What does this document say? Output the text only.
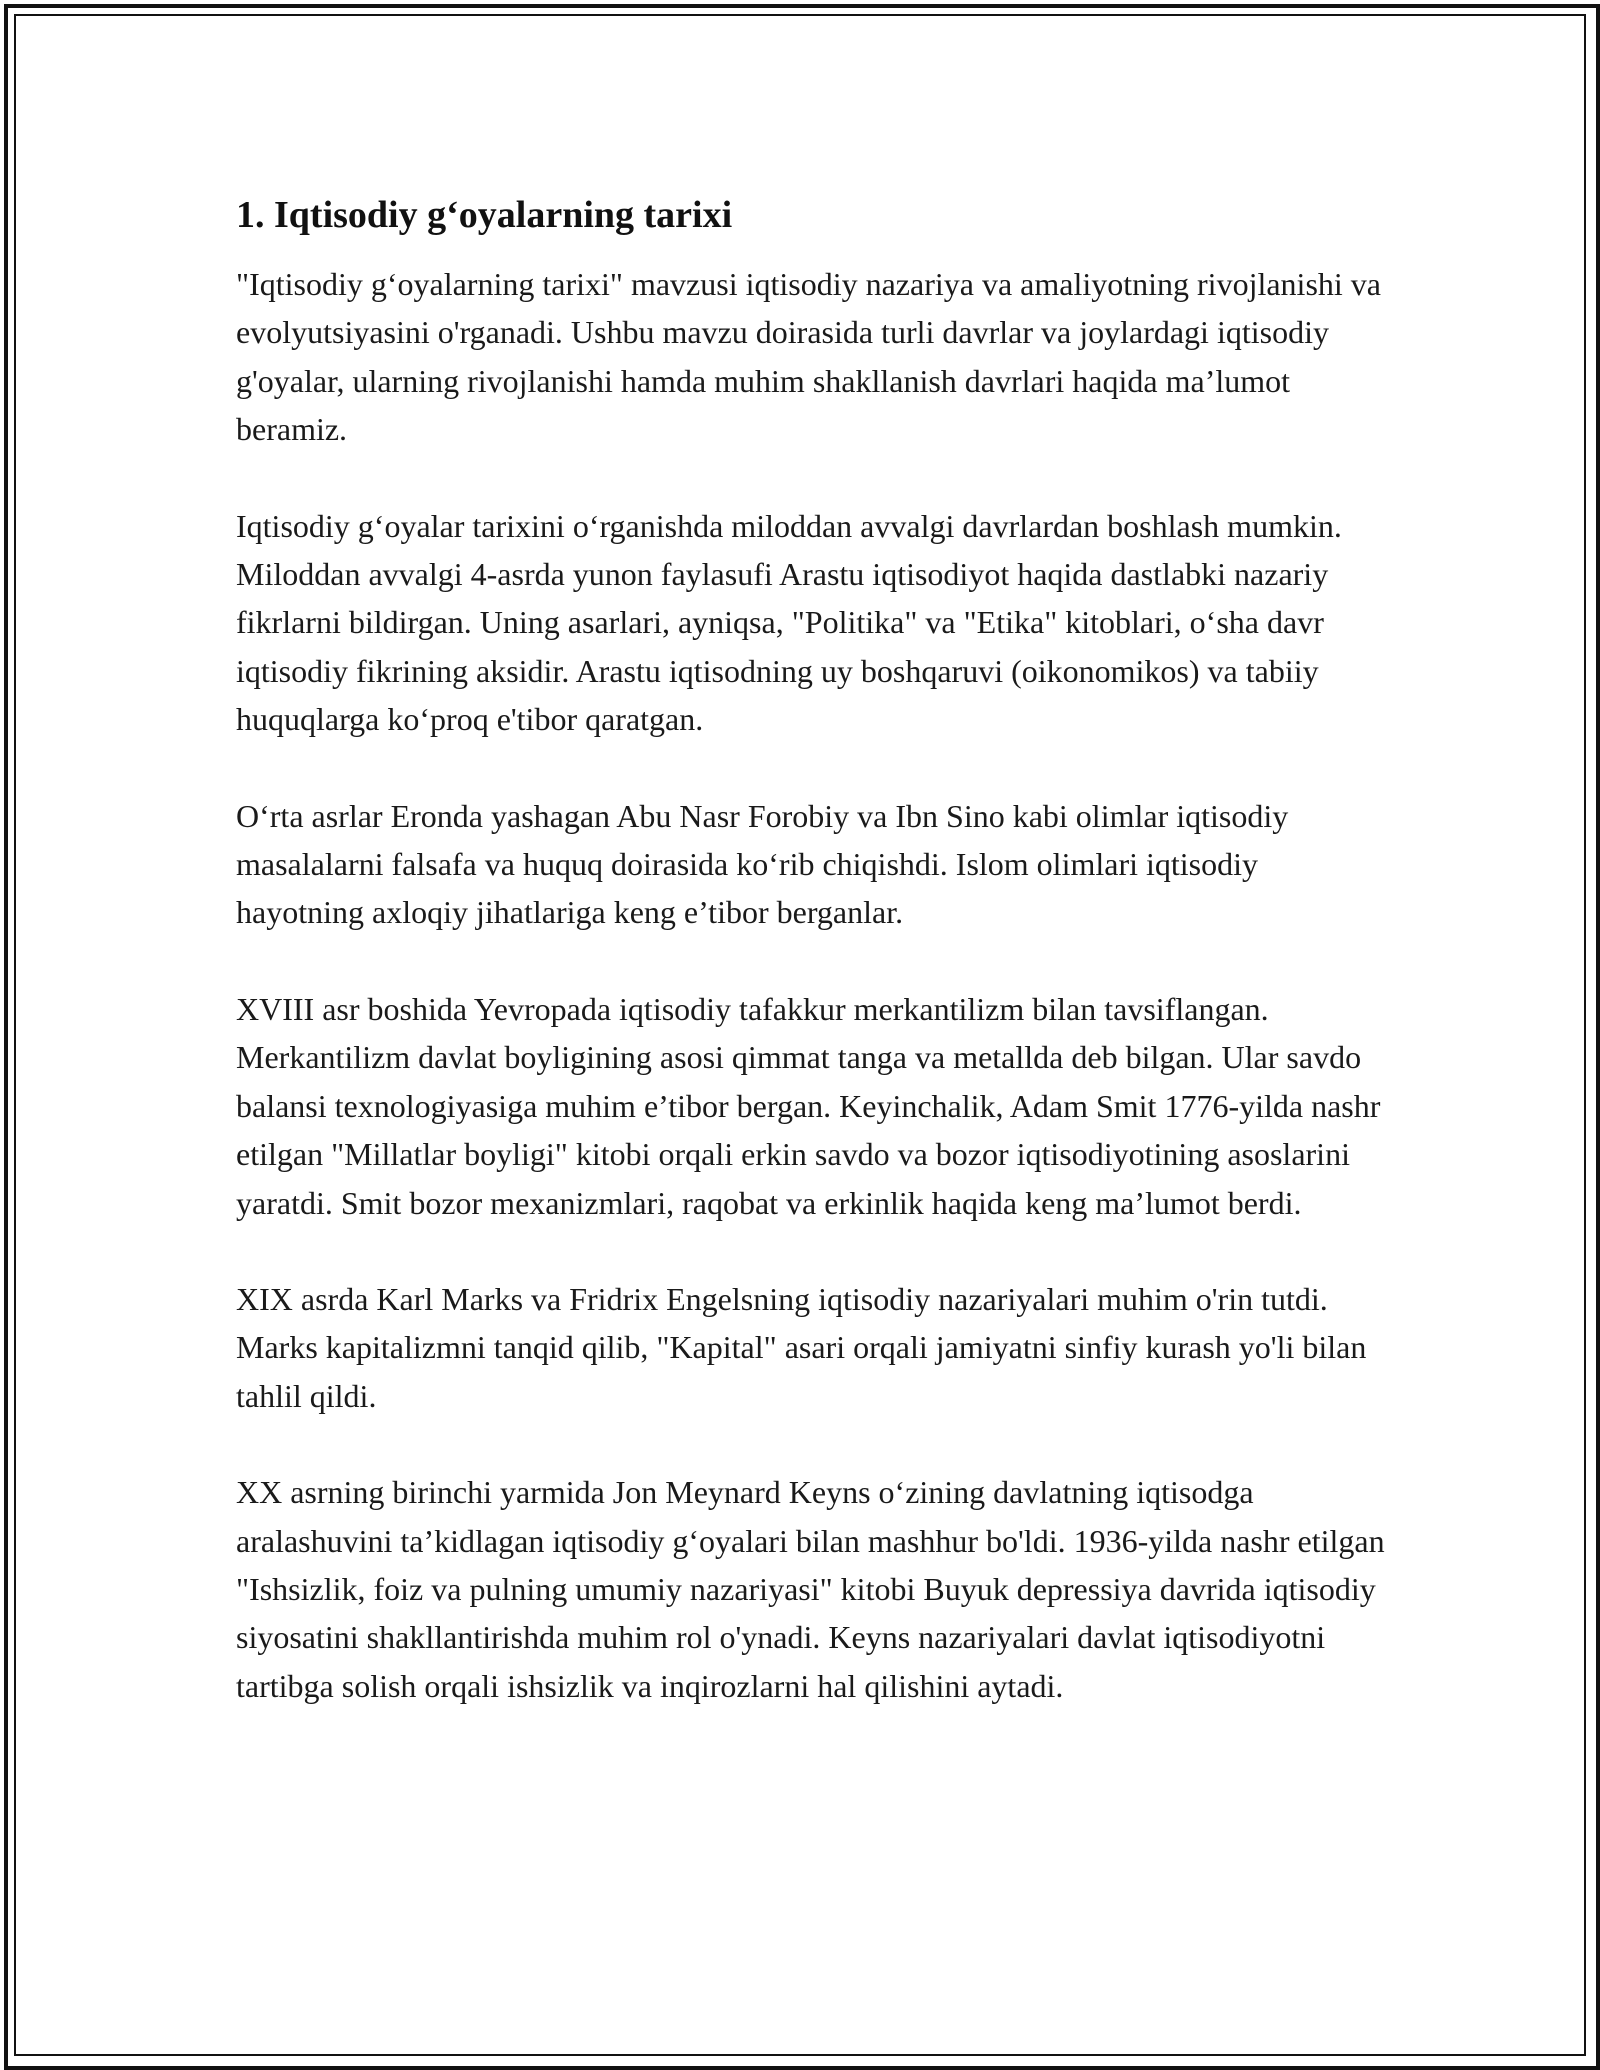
1. Iqtisodiy g‘oyalarning tarixi

"Iqtisodiy g‘oyalarning tarixi" mavzusi iqtisodiy nazariya va amaliyotning rivojlanishi va evolyutsiyasini o'rganadi. Ushbu mavzu doirasida turli davrlar va joylardagi iqtisodiy g'oyalar, ularning rivojlanishi hamda muhim shakllanish davrlari haqida ma’lumot beramiz.

Iqtisodiy g‘oyalar tarixini o‘rganishda miloddan avvalgi davrlardan boshlash mumkin. Miloddan avvalgi 4-asrda yunon faylasufi Arastu iqtisodiyot haqida dastlabki nazariy fikrlarni bildirgan. Uning asarlari, ayniqsa, "Politika" va "Etika" kitoblari, o‘sha davr iqtisodiy fikrining aksidir. Arastu iqtisodning uy boshqaruvi (oikonomikos) va tabiiy huquqlarga ko‘proq e'tibor qaratgan.

O‘rta asrlar Eronda yashagan Abu Nasr Forobiy va Ibn Sino kabi olimlar iqtisodiy masalalarni falsafa va huquq doirasida ko‘rib chiqishdi. Islom olimlari iqtisodiy hayotning axloqiy jihatlariga keng e’tibor berganlar.

XVIII asr boshida Yevropada iqtisodiy tafakkur merkantilizm bilan tavsiflangan. Merkantilizm davlat boyligining asosi qimmat tanga va metallda deb bilgan. Ular savdo balansi texnologiyasiga muhim e’tibor bergan. Keyinchalik, Adam Smit 1776-yilda nashr etilgan "Millatlar boyligi" kitobi orqali erkin savdo va bozor iqtisodiyotining asoslarini yaratdi. Smit bozor mexanizmlari, raqobat va erkinlik haqida keng ma’lumot berdi.

XIX asrda Karl Marks va Fridrix Engelsning iqtisodiy nazariyalari muhim o'rin tutdi. Marks kapitalizmni tanqid qilib, "Kapital" asari orqali jamiyatni sinfiy kurash yo'li bilan tahlil qildi.

XX asrning birinchi yarmida Jon Meynard Keyns o‘zining davlatning iqtisodga aralashuvini ta’kidlagan iqtisodiy g‘oyalari bilan mashhur bo'ldi. 1936-yilda nashr etilgan "Ishsizlik, foiz va pulning umumiy nazariyasi" kitobi Buyuk depressiya davrida iqtisodiy siyosatini shakllantirishda muhim rol o'ynadi. Keyns nazariyalari davlat iqtisodiyotni tartibga solish orqali ishsizlik va inqirozlarni hal qilishini aytadi.
